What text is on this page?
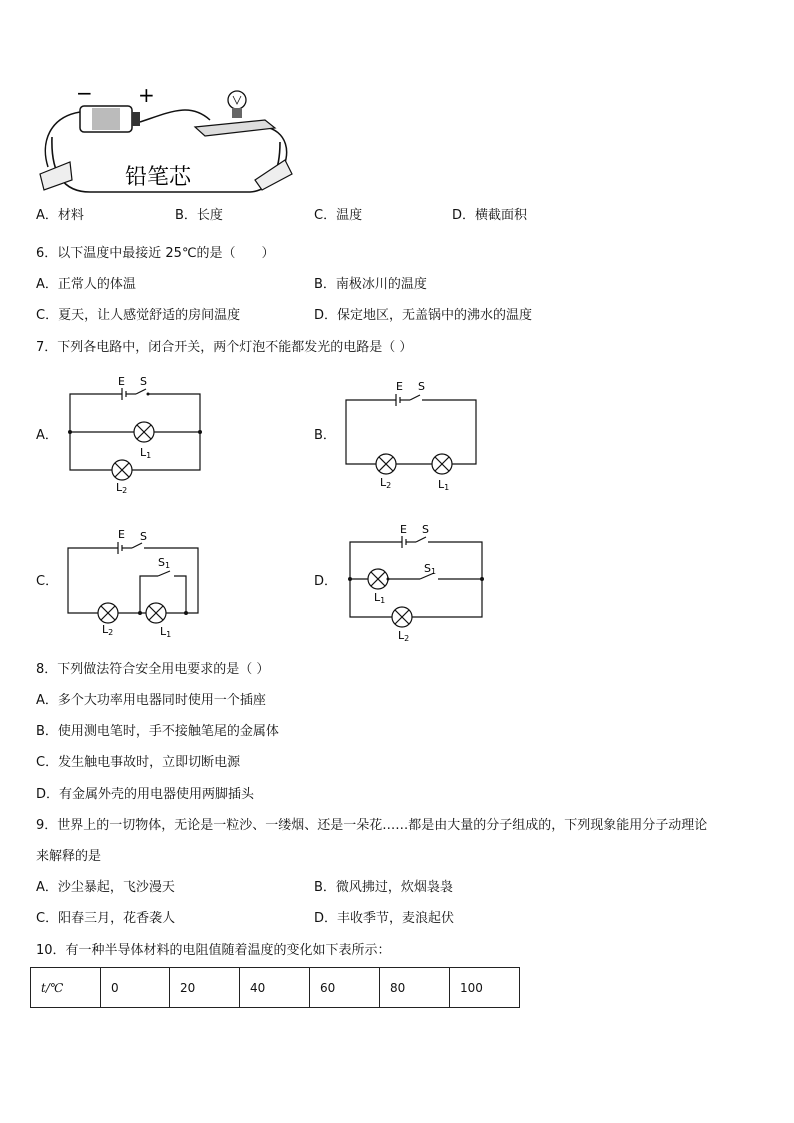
− +
铅笔芯
A．材料	B．长度	C．温度	D．横截面积
6．以下温度中最接近 25℃的是（　　）
A．正常人的体温	B．南极冰川的温度
C．夏天，让人感觉舒适的房间温度	D．保定地区，无盖锅中的沸水的温度
7．下列各电路中，闭合开关，两个灯泡不能都发光的电路是（ ）
A．
E S
L1
L2
B．
E S
L2	L1
C．
E S
S1
L2	L1
D．
E S
S1
L1
L2
8．下列做法符合安全用电要求的是（ ）
A．多个大功率用电器同时使用一个插座
B．使用测电笔时，手不接触笔尾的金属体
C．发生触电事故时，立即切断电源
D．有金属外壳的用电器使用两脚插头
9．世界上的一切物体，无论是一粒沙、一缕烟、还是一朵花……都是由大量的分子组成的，下列现象能用分子动理论
来解释的是
A．沙尘暴起，飞沙漫天	B．微风拂过，炊烟袅袅
C．阳春三月，花香袭人	D．丰收季节，麦浪起伏
10．有一种半导体材料的电阻值随着温度的变化如下表所示：
t/℃	0	20	40	60	80	100
